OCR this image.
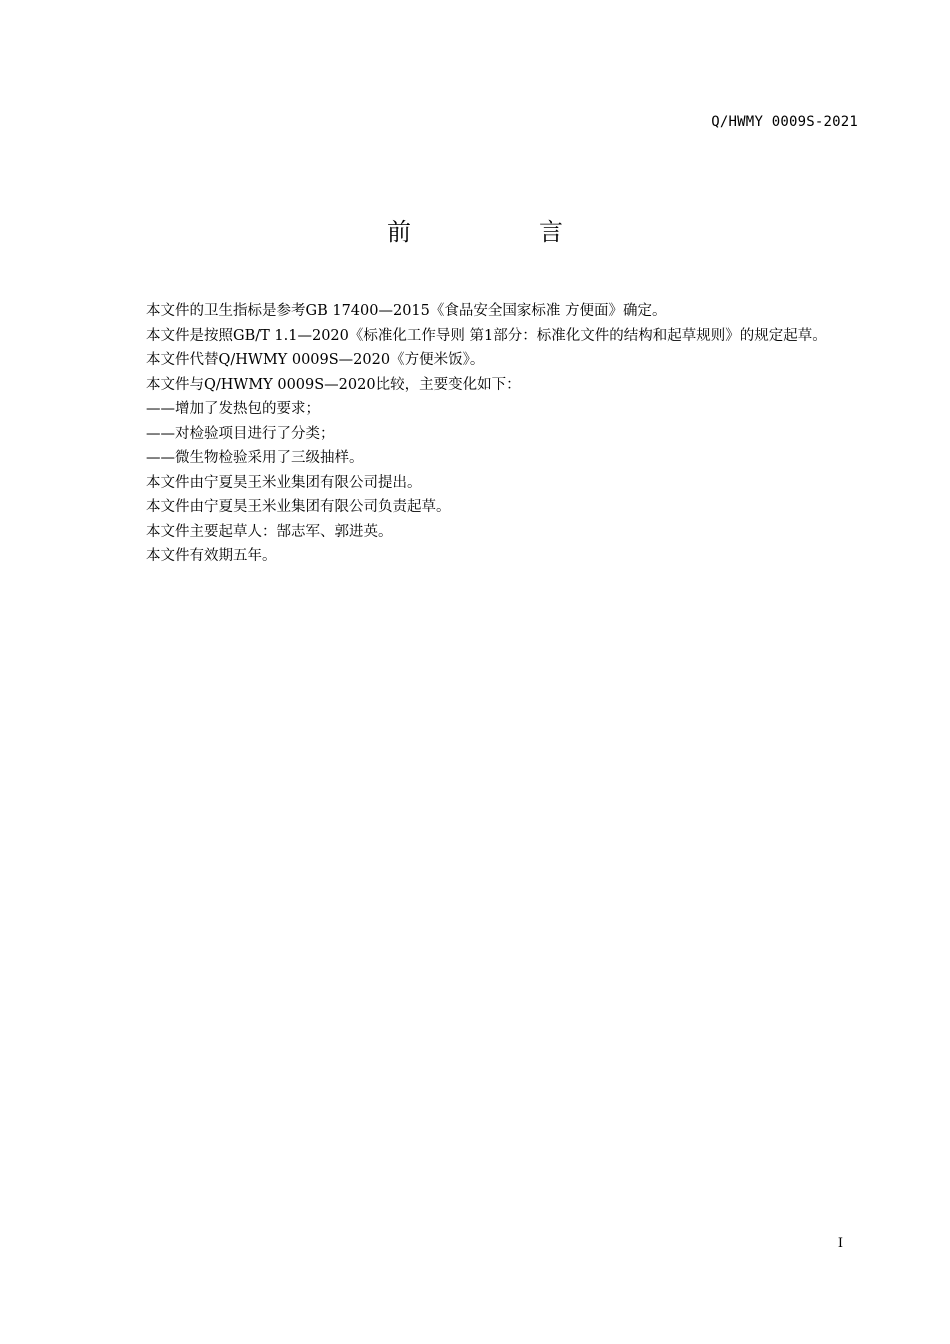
Q/HWMY 0009S-2021
前　言

本文件的卫生指标是参考GB 17400—2015《食品安全国家标准 方便面》确定。

本文件是按照GB/T 1.1—2020《标准化工作导则 第1部分：标准化文件的结构和起草规则》的规定起草。

本文件代替Q/HWMY 0009S—2020《方便米饭》。

本文件与Q/HWMY 0009S—2020比较，主要变化如下：

——增加了发热包的要求；

——对检验项目进行了分类；

——微生物检验采用了三级抽样。

本文件由宁夏昊王米业集团有限公司提出。

本文件由宁夏昊王米业集团有限公司负责起草。

本文件主要起草人：郜志军、郭进英。

本文件有效期五年。

I
